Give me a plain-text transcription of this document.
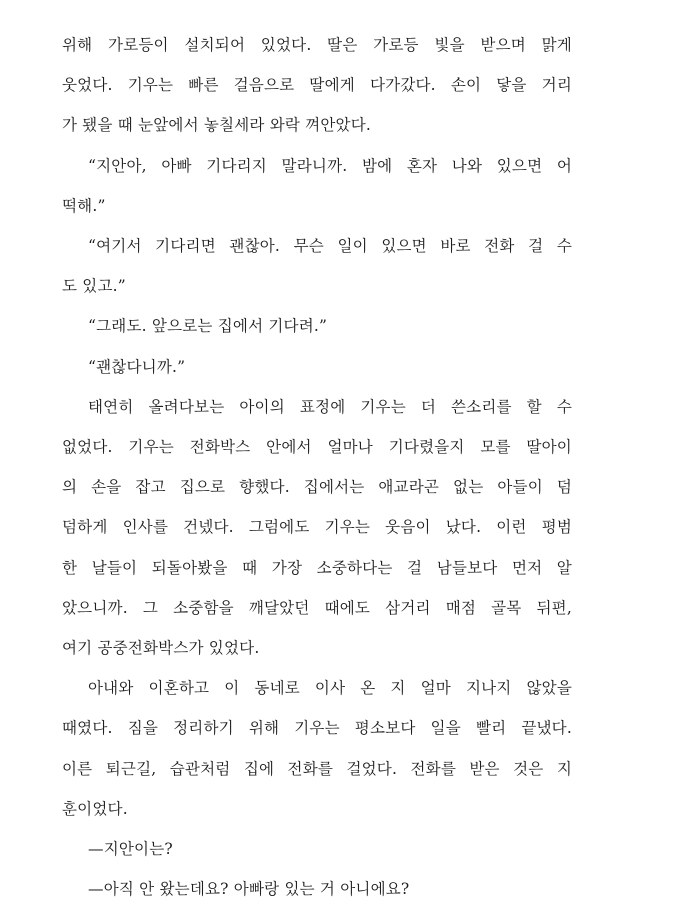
위해 가로등이 설치되어 있었다. 딸은 가로등 빛을 받으며 맑게
웃었다. 기우는 빠른 걸음으로 딸에게 다가갔다. 손이 닿을 거리
가 됐을 때 눈앞에서 놓칠세라 와락 껴안았다.
“지안아, 아빠 기다리지 말라니까. 밤에 혼자 나와 있으면 어
떡해.”
“여기서 기다리면 괜찮아. 무슨 일이 있으면 바로 전화 걸 수
도 있고.”
“그래도. 앞으로는 집에서 기다려.”
“괜찮다니까.”
태연히 올려다보는 아이의 표정에 기우는 더 쓴소리를 할 수
없었다. 기우는 전화박스 안에서 얼마나 기다렸을지 모를 딸아이
의 손을 잡고 집으로 향했다. 집에서는 애교라곤 없는 아들이 덤
덤하게 인사를 건넸다. 그럼에도 기우는 웃음이 났다. 이런 평범
한 날들이 되돌아봤을 때 가장 소중하다는 걸 남들보다 먼저 알
았으니까. 그 소중함을 깨달았던 때에도 삼거리 매점 골목 뒤편,
여기 공중전화박스가 있었다.
아내와 이혼하고 이 동네로 이사 온 지 얼마 지나지 않았을
때였다. 짐을 정리하기 위해 기우는 평소보다 일을 빨리 끝냈다.
이른 퇴근길, 습관처럼 집에 전화를 걸었다. 전화를 받은 것은 지
훈이었다.
—지안이는?
—아직 안 왔는데요? 아빠랑 있는 거 아니에요?
